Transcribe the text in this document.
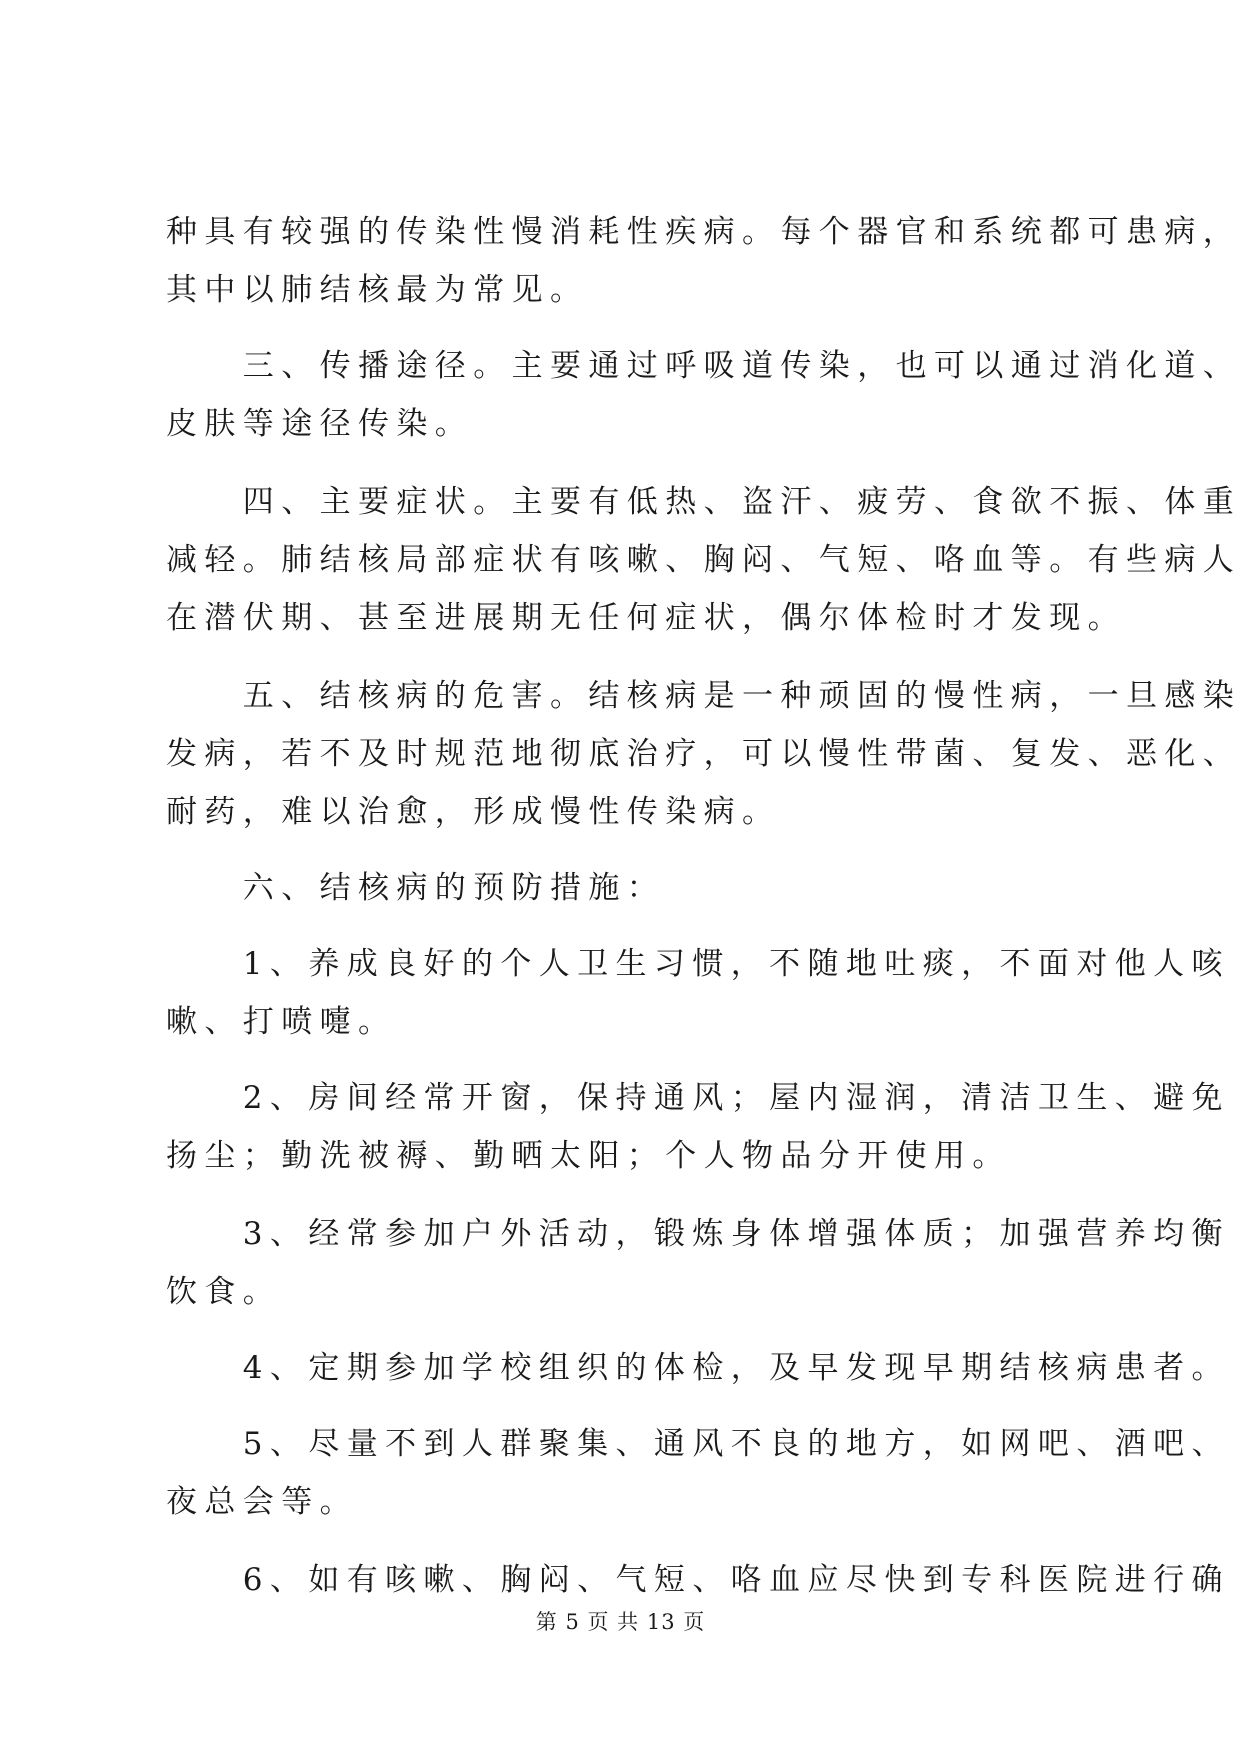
种具有较强的传染性慢消耗性疾病。每个器官和系统都可患病，
其中以肺结核最为常见。
　　三、传播途径。主要通过呼吸道传染，也可以通过消化道、
皮肤等途径传染。
　　四、主要症状。主要有低热、盗汗、疲劳、食欲不振、体重
减轻。肺结核局部症状有咳嗽、胸闷、气短、咯血等。有些病人
在潜伏期、甚至进展期无任何症状，偶尔体检时才发现。
　　五、结核病的危害。结核病是一种顽固的慢性病，一旦感染
发病，若不及时规范地彻底治疗，可以慢性带菌、复发、恶化、
耐药，难以治愈，形成慢性传染病。
　　六、结核病的预防措施：
　　1、养成良好的个人卫生习惯，不随地吐痰，不面对他人咳
嗽、打喷嚏。
　　2、房间经常开窗，保持通风；屋内湿润，清洁卫生、避免
扬尘；勤洗被褥、勤晒太阳；个人物品分开使用。
　　3、经常参加户外活动，锻炼身体增强体质；加强营养均衡
饮食。
　　4、定期参加学校组织的体检，及早发现早期结核病患者。
　　5、尽量不到人群聚集、通风不良的地方，如网吧、酒吧、
夜总会等。
　　6、如有咳嗽、胸闷、气短、咯血应尽快到专科医院进行确
第 5 页 共 13 页
